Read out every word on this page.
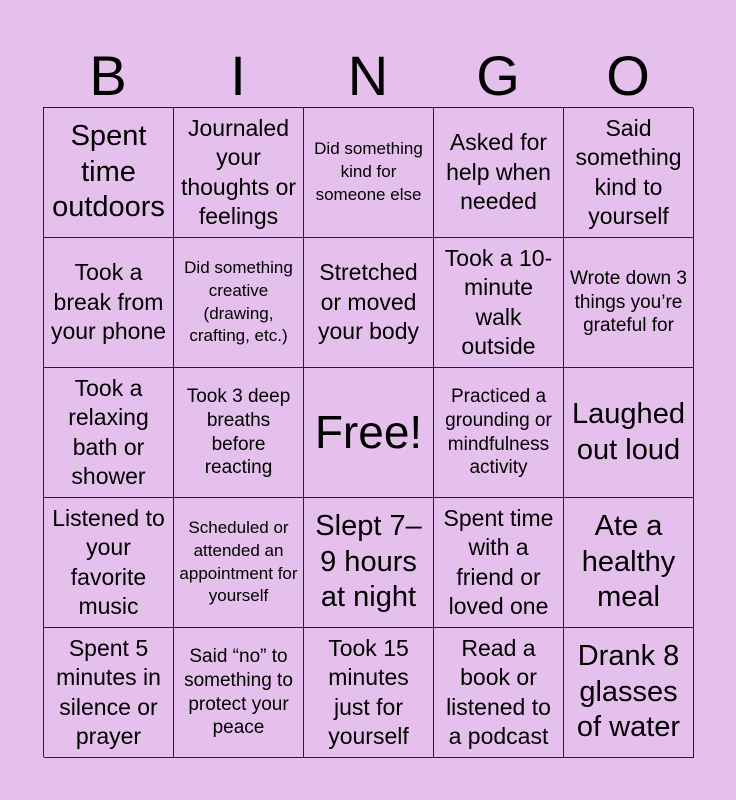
B	I	N	G	O
Spent time outdoors
Journaled your thoughts or feelings
Did something kind for someone else
Asked for help when needed
Said something kind to yourself
Took a break from your phone
Did something creative (drawing, crafting, etc.)
Stretched or moved your body
Took a 10-minute walk outside
Wrote down 3 things you’re grateful for
Took a relaxing bath or shower
Took 3 deep breaths before reacting
Free!
Practiced a grounding or mindfulness activity
Laughed out loud
Listened to your favorite music
Scheduled or attended an appointment for yourself
Slept 7–9 hours at night
Spent time with a friend or loved one
Ate a healthy meal
Spent 5 minutes in silence or prayer
Said “no” to something to protect your peace
Took 15 minutes just for yourself
Read a book or listened to a podcast
Drank 8 glasses of water
